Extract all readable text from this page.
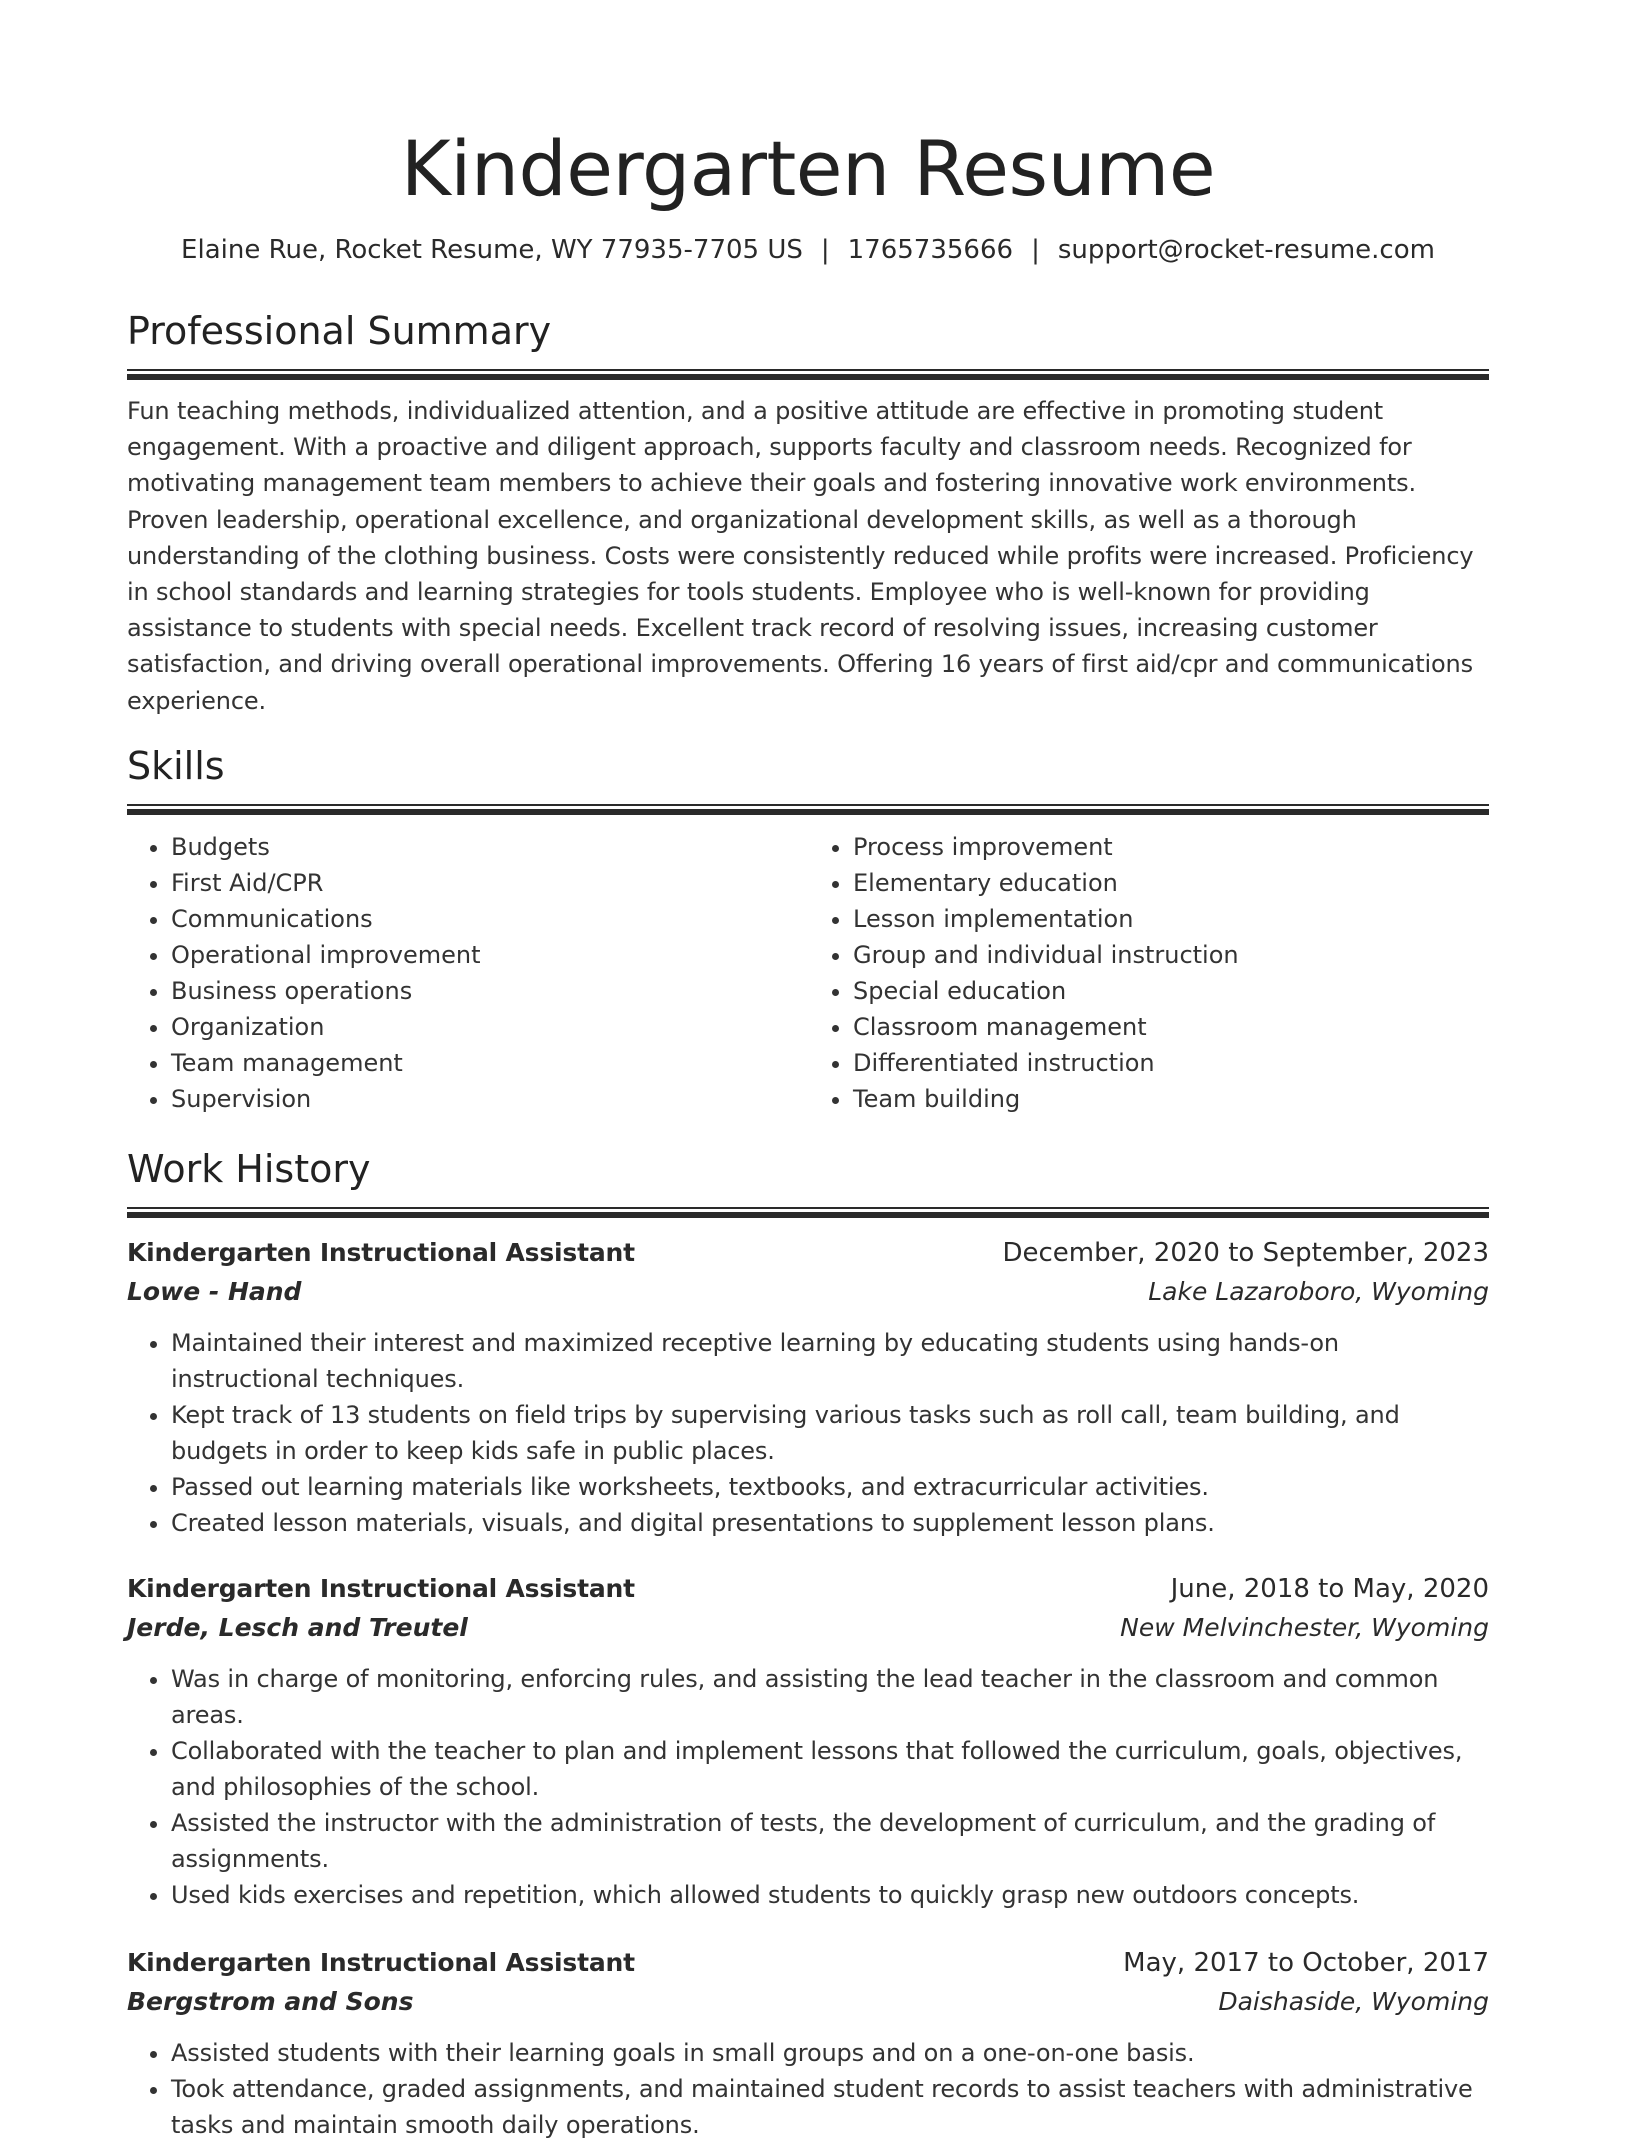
Kindergarten Resume
Elaine Rue, Rocket Resume, WY 77935-7705 US | 1765735666 | support@rocket-resume.com
Professional Summary

Fun teaching methods, individualized attention, and a positive attitude are effective in promoting student engagement. With a proactive and diligent approach, supports faculty and classroom needs. Recognized for motivating management team members to achieve their goals and fostering innovative work environments. Proven leadership, operational excellence, and organizational development skills, as well as a thorough understanding of the clothing business. Costs were consistently reduced while profits were increased. Proficiency in school standards and learning strategies for tools students. Employee who is well-known for providing assistance to students with special needs. Excellent track record of resolving issues, increasing customer satisfaction, and driving overall operational improvements. Offering 16 years of first aid/cpr and communications experience.

Skills
• Budgets
• First Aid/CPR
• Communications
• Operational improvement
• Business operations
• Organization
• Team management
• Supervision
• Process improvement
• Elementary education
• Lesson implementation
• Group and individual instruction
• Special education
• Classroom management
• Differentiated instruction
• Team building
Work History
Kindergarten Instructional Assistant	December, 2020 to September, 2023
Lowe - Hand	Lake Lazaroboro, Wyoming
• Maintained their interest and maximized receptive learning by educating students using hands-on instructional techniques.
• Kept track of 13 students on field trips by supervising various tasks such as roll call, team building, and budgets in order to keep kids safe in public places.
• Passed out learning materials like worksheets, textbooks, and extracurricular activities.
• Created lesson materials, visuals, and digital presentations to supplement lesson plans.
Kindergarten Instructional Assistant	June, 2018 to May, 2020
Jerde, Lesch and Treutel	New Melvinchester, Wyoming
• Was in charge of monitoring, enforcing rules, and assisting the lead teacher in the classroom and common areas.
• Collaborated with the teacher to plan and implement lessons that followed the curriculum, goals, objectives, and philosophies of the school.
• Assisted the instructor with the administration of tests, the development of curriculum, and the grading of assignments.
• Used kids exercises and repetition, which allowed students to quickly grasp new outdoors concepts.
Kindergarten Instructional Assistant	May, 2017 to October, 2017
Bergstrom and Sons	Daishaside, Wyoming
• Assisted students with their learning goals in small groups and on a one-on-one basis.
• Took attendance, graded assignments, and maintained student records to assist teachers with administrative tasks and maintain smooth daily operations.
